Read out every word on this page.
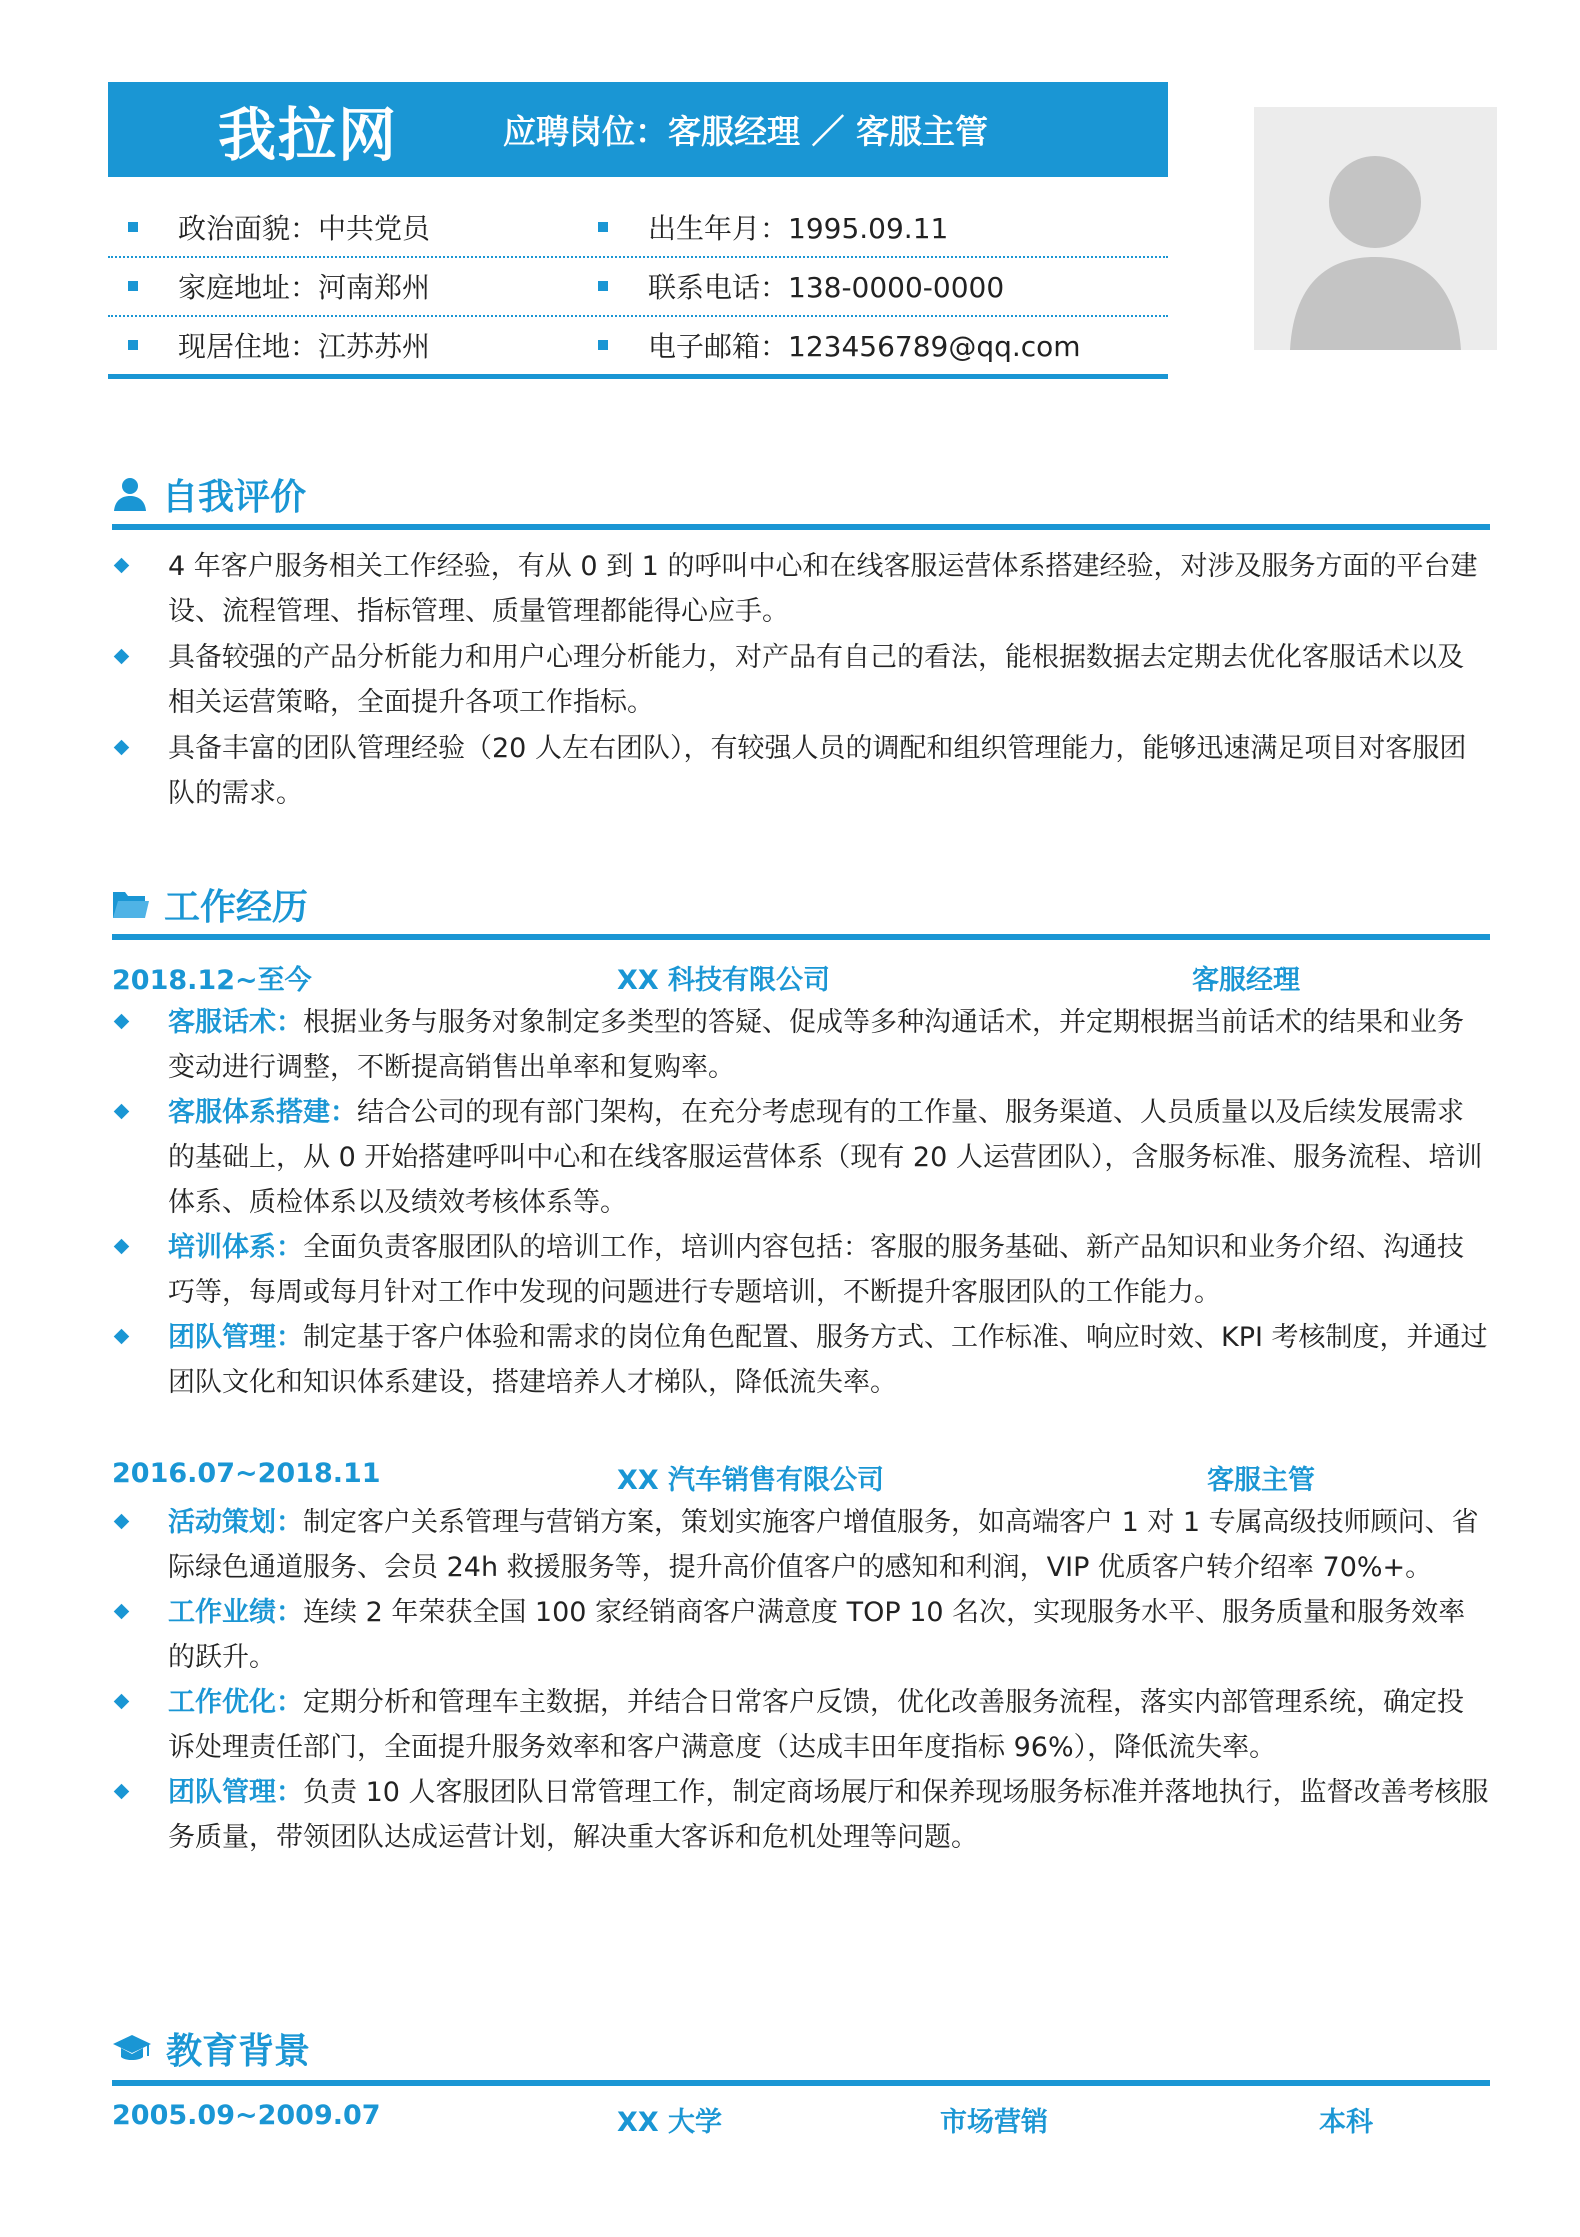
我拉网	应聘岗位：客服经理 ／ 客服主管
政治面貌：中共党员	出生年月：1995.09.11
家庭地址：河南郑州	联系电话：138-0000-0000
现居住地：江苏苏州	电子邮箱：123456789@qq.com
自我评价

4 年客户服务相关工作经验，有从 0 到 1 的呼叫中心和在线客服运营体系搭建经验，对涉及服务方面的平台建设、流程管理、指标管理、质量管理都能得心应手。

具备较强的产品分析能力和用户心理分析能力，对产品有自己的看法，能根据数据去定期去优化客服话术以及相关运营策略，全面提升各项工作指标。

具备丰富的团队管理经验（20 人左右团队），有较强人员的调配和组织管理能力，能够迅速满足项目对客服团队的需求。

工作经历
2018.12~至今	XX 科技有限公司	客服经理

客服话术：根据业务与服务对象制定多类型的答疑、促成等多种沟通话术，并定期根据当前话术的结果和业务变动进行调整，不断提高销售出单率和复购率。

客服体系搭建：结合公司的现有部门架构，在充分考虑现有的工作量、服务渠道、人员质量以及后续发展需求的基础上，从 0 开始搭建呼叫中心和在线客服运营体系（现有 20 人运营团队），含服务标准、服务流程、培训体系、质检体系以及绩效考核体系等。

培训体系：全面负责客服团队的培训工作，培训内容包括：客服的服务基础、新产品知识和业务介绍、沟通技巧等，每周或每月针对工作中发现的问题进行专题培训，不断提升客服团队的工作能力。

团队管理：制定基于客户体验和需求的岗位角色配置、服务方式、工作标准、响应时效、KPI 考核制度，并通过团队文化和知识体系建设，搭建培养人才梯队，降低流失率。

2016.07~2018.11	XX 汽车销售有限公司	客服主管

活动策划：制定客户关系管理与营销方案，策划实施客户增值服务，如高端客户 1 对 1 专属高级技师顾问、省际绿色通道服务、会员 24h 救援服务等，提升高价值客户的感知和利润，VIP 优质客户转介绍率 70%+。

工作业绩：连续 2 年荣获全国 100 家经销商客户满意度 TOP 10 名次，实现服务水平、服务质量和服务效率的跃升。

工作优化：定期分析和管理车主数据，并结合日常客户反馈，优化改善服务流程，落实内部管理系统，确定投诉处理责任部门，全面提升服务效率和客户满意度（达成丰田年度指标 96%），降低流失率。

团队管理：负责 10 人客服团队日常管理工作，制定商场展厅和保养现场服务标准并落地执行，监督改善考核服务质量，带领团队达成运营计划，解决重大客诉和危机处理等问题。

教育背景
2005.09~2009.07	XX 大学	市场营销	本科
